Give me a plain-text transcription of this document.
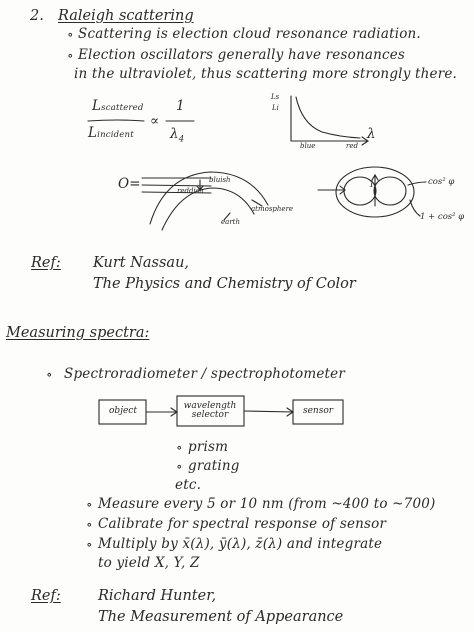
2. Raleigh scattering
∘ Scattering is election cloud resonance radiation.
∘ Election oscillators generally have resonances
in the ultraviolet, thus scattering more strongly there.
Lscattered
Lincident
∝
1
$\lambda_4$
Ls
Li
λ
blue	red
O=	bluish
reddish
atmosphere
earth
1	cos² φ
1 + cos² φ
Ref: Kurt Nassau,
The Physics and Chemistry of Color
Measuring spectra:
∘ Spectroradiometer / spectrophotometer
object
wavelength selector	sensor
∘ prism
∘ grating
etc.
∘ Measure every 5 or 10 nm (from ~400 to ~700)
∘ Calibrate for spectral response of sensor
∘ Multiply by x̄(λ), ȳ(λ), z̄(λ) and integrate
to yield X, Y, Z
Ref:	Richard Hunter,
The Measurement of Appearance
